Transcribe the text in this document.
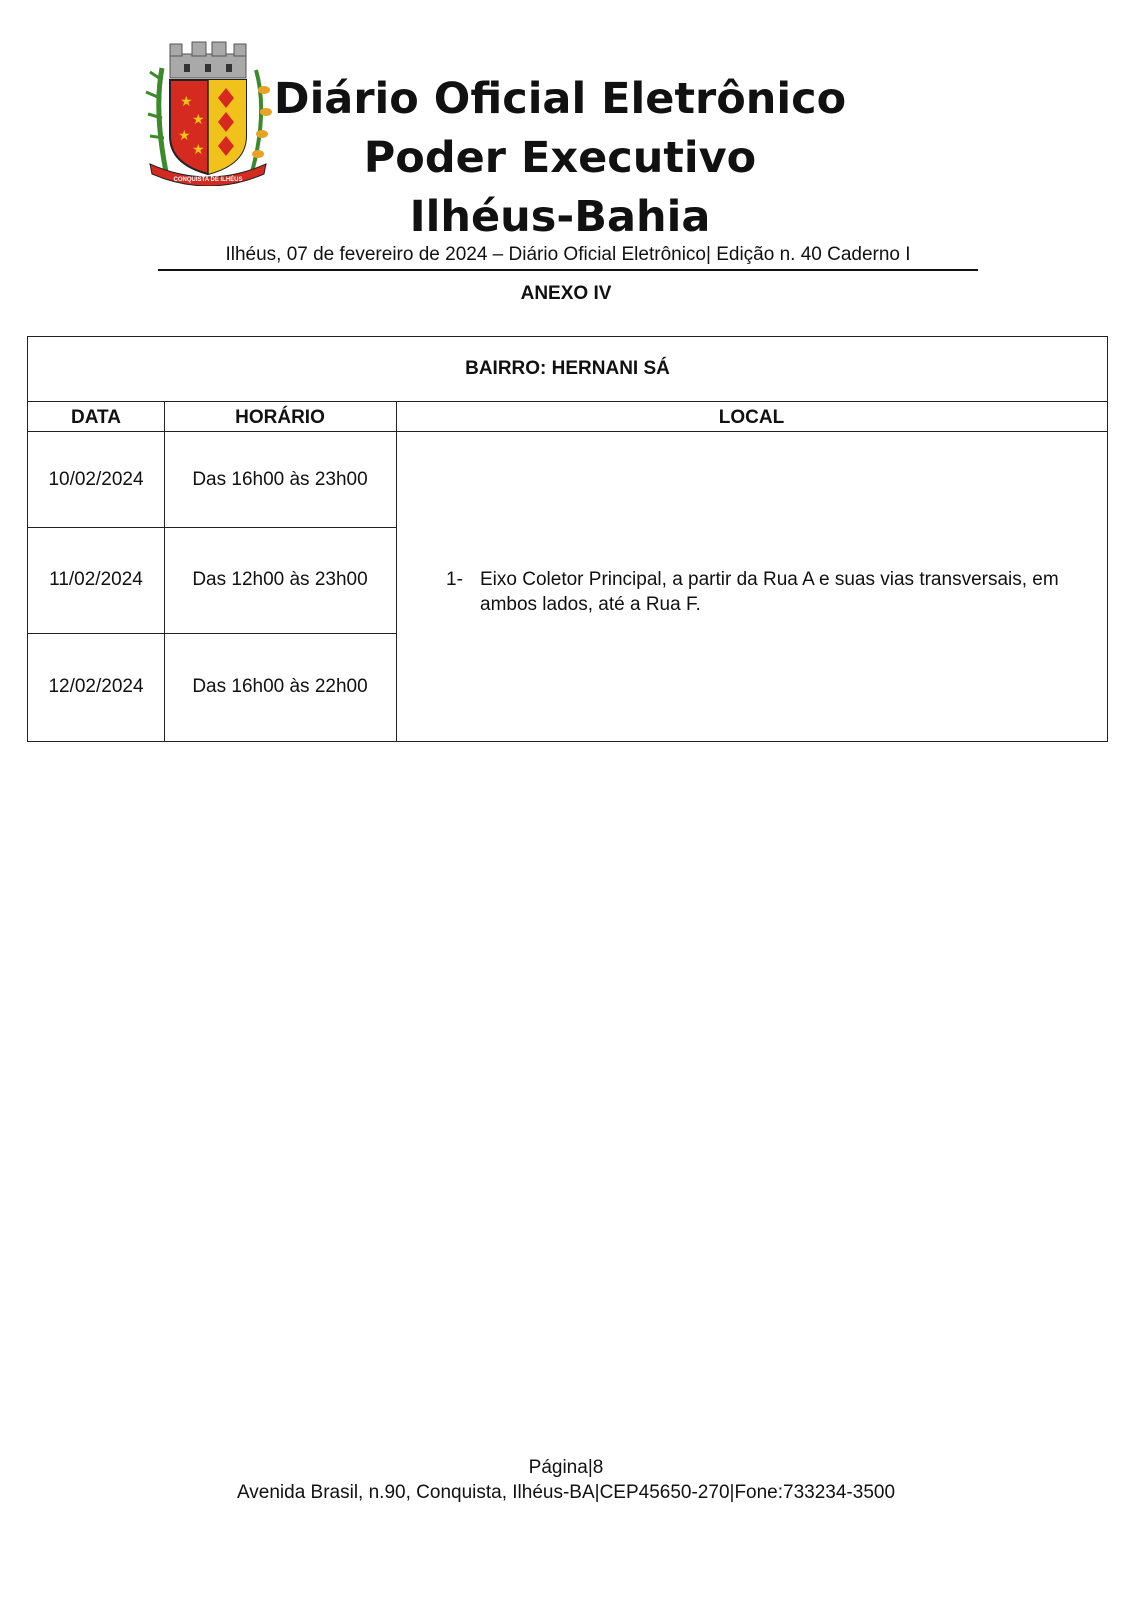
★
★
★
★
CONQUISTA DE ILHÉUS
Diário Oficial Eletrônico
Poder Executivo
Ilhéus-Bahia
Ilhéus, 07 de fevereiro de 2024 – Diário Oficial Eletrônico| Edição n. 40 Caderno I
ANEXO IV
BAIRRO: HERNANI SÁ
DATA	HORÁRIO	LOCAL
10/02/2024	Das 16h00 às 23h00
11/02/2024	Das 12h00 às 23h00
12/02/2024	Das 16h00 às 22h00
1- Eixo Coletor Principal, a partir da Rua A e suas vias transversais, em ambos lados, até a Rua F.
Página|8
Avenida Brasil, n.90, Conquista, Ilhéus-BA|CEP45650-270|Fone:733234-3500
